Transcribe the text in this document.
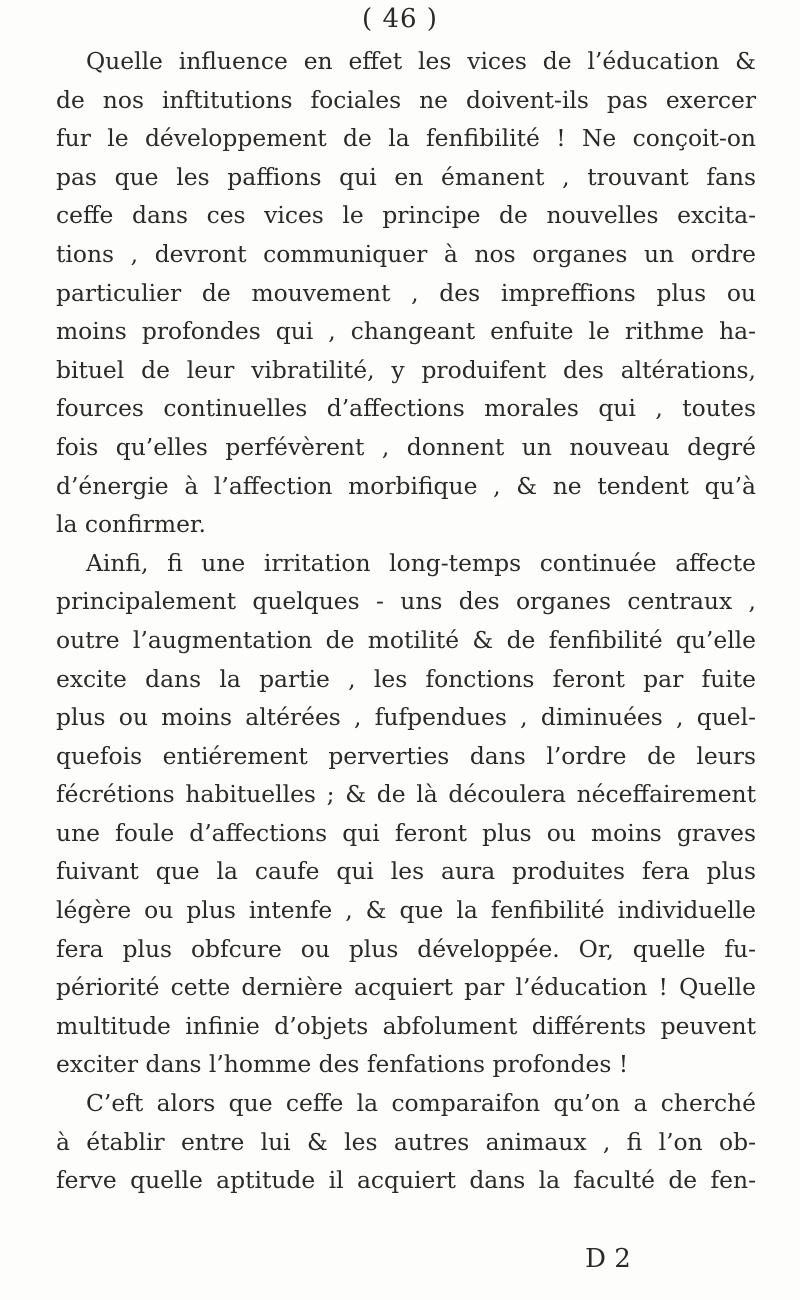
( 46 )
Quelle influence en effet les vices de l’éducation &
de nos inftitutions fociales ne doivent-ils pas exercer
fur le développement de la fenfibilité ! Ne conçoit-on
pas que les paffions qui en émanent , trouvant fans
ceffe dans ces vices le principe de nouvelles excita-
tions , devront communiquer à nos organes un ordre
particulier de mouvement , des impreffions plus ou
moins profondes qui , changeant enfuite le rithme ha-
bituel de leur vibratilité, y produifent des altérations,
fources continuelles d’affections morales qui , toutes
fois qu’elles perfévèrent , donnent un nouveau degré
d’énergie à l’affection morbifique , & ne tendent qu’à
la confirmer.
Ainfi, fi une irritation long-temps continuée affecte
principalement quelques - uns des organes centraux ,
outre l’augmentation de motilité & de fenfibilité qu’elle
excite dans la partie , les fonctions feront par fuite
plus ou moins altérées , fufpendues , diminuées , quel-
quefois entiérement perverties dans l’ordre de leurs
fécrétions habituelles ; & de là découlera néceffairement
une foule d’affections qui feront plus ou moins graves
fuivant que la caufe qui les aura produites fera plus
légère ou plus intenfe , & que la fenfibilité individuelle
fera plus obfcure ou plus développée. Or, quelle fu-
périorité cette dernière acquiert par l’éducation ! Quelle
multitude infinie d’objets abfolument différents peuvent
exciter dans l’homme des fenfations profondes !
C’eft alors que ceffe la comparaifon qu’on a cherché
à établir entre lui & les autres animaux , fi l’on ob-
ferve quelle aptitude il acquiert dans la faculté de fen-
D 2
